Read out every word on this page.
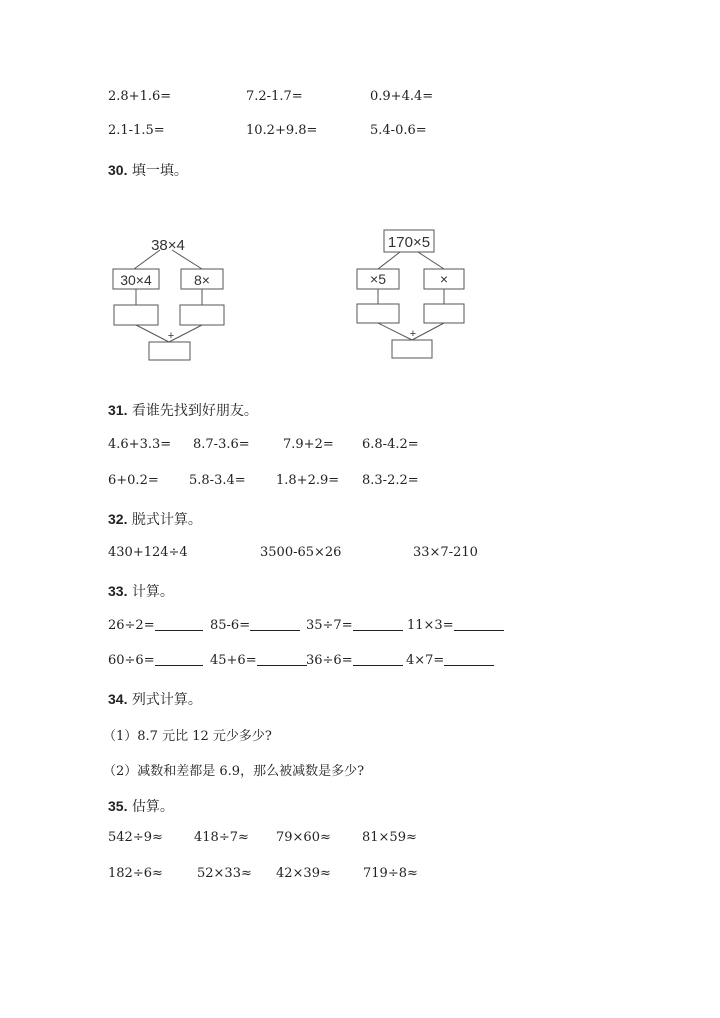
2.8+1.6=	7.2-1.7=	0.9+4.4=
2.1-1.5=	10.2+9.8=	5.4-0.6=
30. 填一填。
38×4
30×4	8×
+
170×5
×5	×
+
31. 看谁先找到好朋友。
4.6+3.3= 8.7-3.6=	7.9+2= 6.8-4.2=
6+0.2= 5.8-3.4= 1.8+2.9= 8.3-2.2=
32. 脱式计算。
430+124÷4	3500-65×26	33×7-210
33. 计算。
26÷2=	85-6=	35÷7=	11×3=
60÷6=	45+6=	36÷6=	4×7=
34. 列式计算。
（1）8.7 元比 12 元少多少?
（2）减数和差都是 6.9，那么被减数是多少?
35. 估算。
542÷9≈ 418÷7≈ 79×60≈ 81×59≈
182÷6≈	52×33≈ 42×39≈ 719÷8≈
